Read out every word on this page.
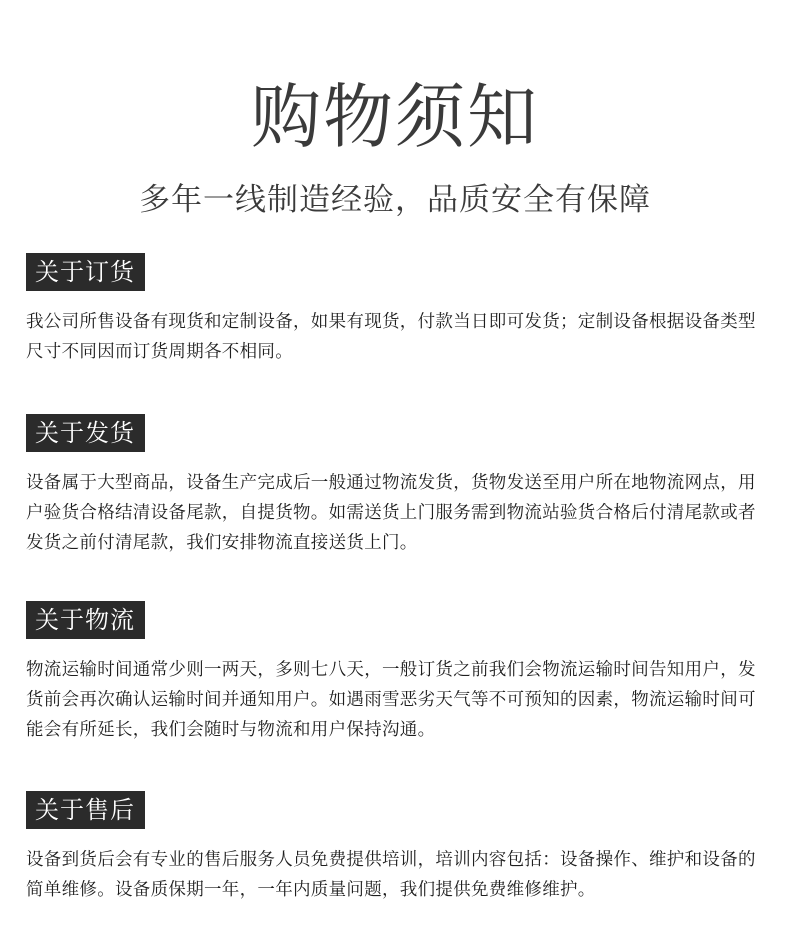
购物须知
多年一线制造经验，品质安全有保障
关于订货
我公司所售设备有现货和定制设备，如果有现货，付款当日即可发货；定制设备根据设备类型尺寸不同因而订货周期各不相同。
关于发货
设备属于大型商品，设备生产完成后一般通过物流发货，货物发送至用户所在地物流网点，用户验货合格结清设备尾款，自提货物。如需送货上门服务需到物流站验货合格后付清尾款或者发货之前付清尾款，我们安排物流直接送货上门。
关于物流
物流运输时间通常少则一两天，多则七八天，一般订货之前我们会物流运输时间告知用户，发货前会再次确认运输时间并通知用户。如遇雨雪恶劣天气等不可预知的因素，物流运输时间可能会有所延长，我们会随时与物流和用户保持沟通。
关于售后
设备到货后会有专业的售后服务人员免费提供培训，培训内容包括：设备操作、维护和设备的简单维修。设备质保期一年，一年内质量问题，我们提供免费维修维护。
